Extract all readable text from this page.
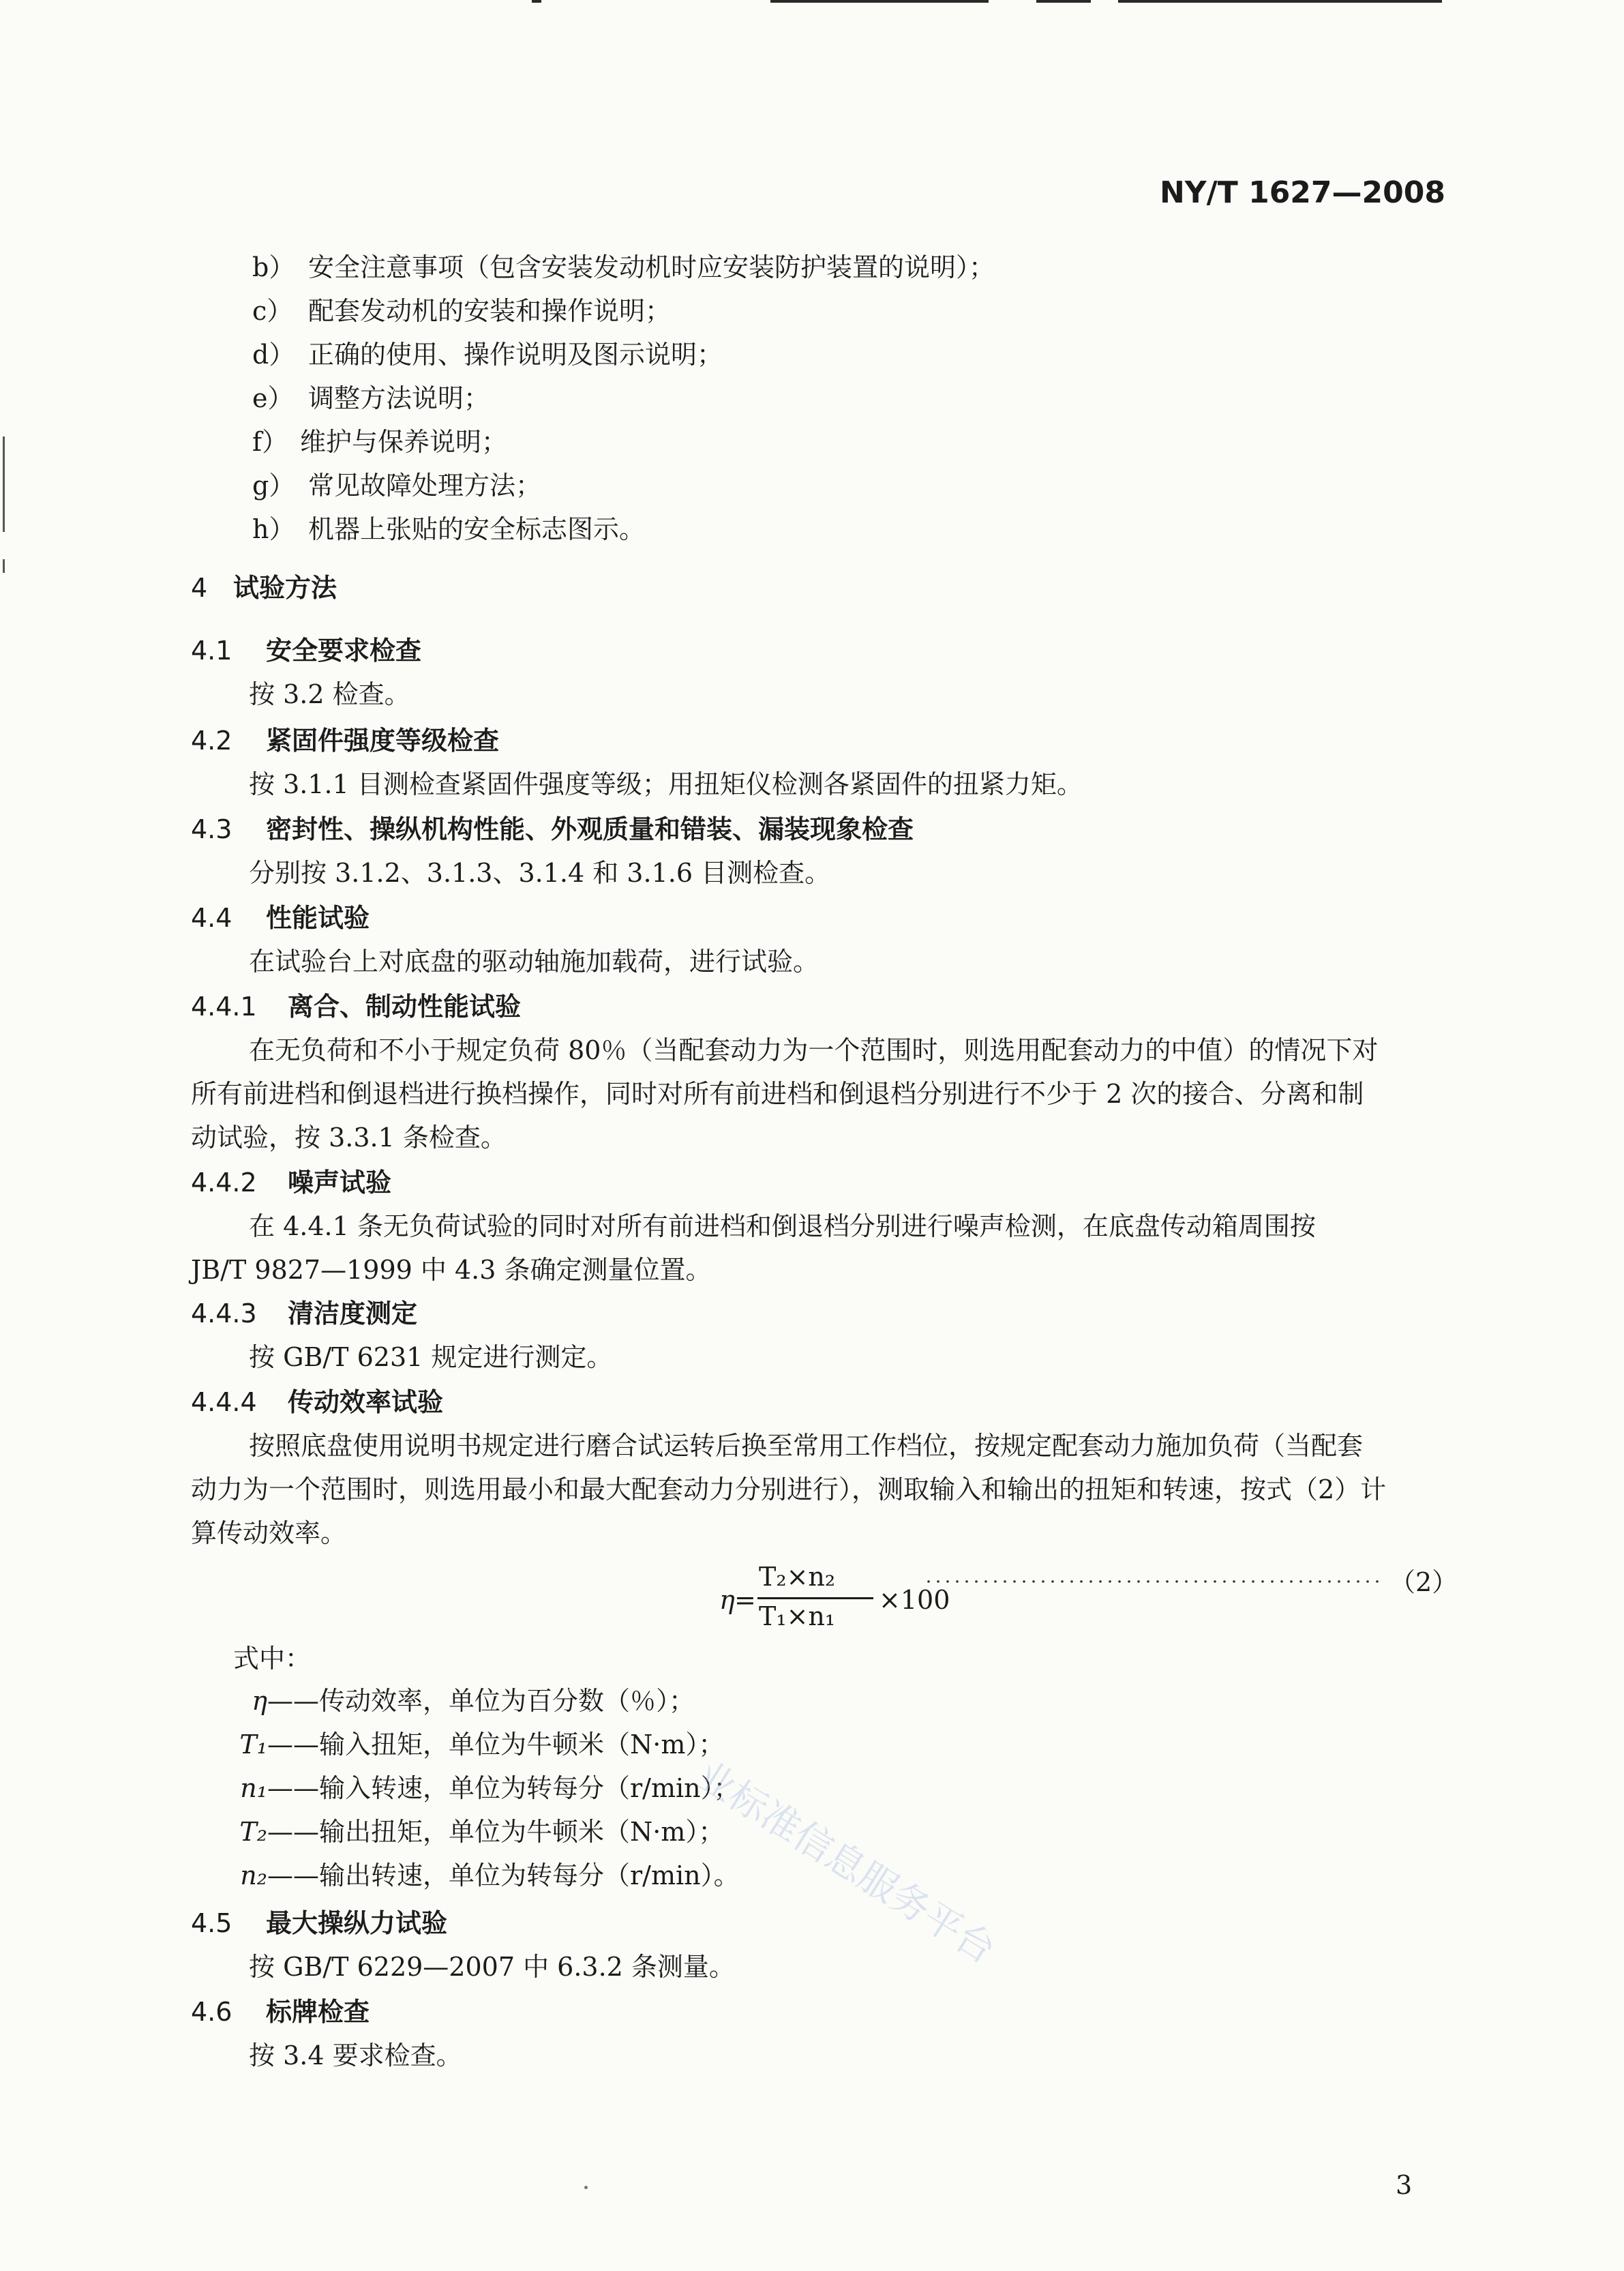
NY/T 1627—2008
b） 安全注意事项（包含安装发动机时应安装防护装置的说明）；
c） 配套发动机的安装和操作说明；
d） 正确的使用、操作说明及图示说明；
e） 调整方法说明；
f） 维护与保养说明；
g） 常见故障处理方法；
h） 机器上张贴的安全标志图示。
4 试验方法
4.1 安全要求检查
按 3.2 检查。
4.2 紧固件强度等级检查
按 3.1.1 目测检查紧固件强度等级；用扭矩仪检测各紧固件的扭紧力矩。
4.3 密封性、操纵机构性能、外观质量和错装、漏装现象检查
分别按 3.1.2、3.1.3、3.1.4 和 3.1.6 目测检查。
4.4 性能试验
在试验台上对底盘的驱动轴施加载荷，进行试验。
4.4.1 离合、制动性能试验
在无负荷和不小于规定负荷 80％（当配套动力为一个范围时，则选用配套动力的中值）的情况下对
所有前进档和倒退档进行换档操作，同时对所有前进档和倒退档分别进行不少于 2 次的接合、分离和制
动试验，按 3.3.1 条检查。
4.4.2 噪声试验
在 4.4.1 条无负荷试验的同时对所有前进档和倒退档分别进行噪声检测，在底盘传动箱周围按
JB/T 9827—1999 中 4.3 条确定测量位置。
4.4.3 清洁度测定
按 GB/T 6231 规定进行测定。
4.4.4 传动效率试验
按照底盘使用说明书规定进行磨合试运转后换至常用工作档位，按规定配套动力施加负荷（当配套
动力为一个范围时，则选用最小和最大配套动力分别进行），测取输入和输出的扭矩和转速，按式（2）计
算传动效率。
η =
T₂×n₂
T₁×n₁
×100
（2）
式中：
η——传动效率，单位为百分数（％）；
T₁——输入扭矩，单位为牛顿米（N·m）；
n₁——输入转速，单位为转每分（r/min）；
T₂——输出扭矩，单位为牛顿米（N·m）；
n₂——输出转速，单位为转每分（r/min）。
4.5 最大操纵力试验
按 GB/T 6229—2007 中 6.3.2 条测量。
4.6 标牌检查
按 3.4 要求检查。
业标准信息服务平台
3
